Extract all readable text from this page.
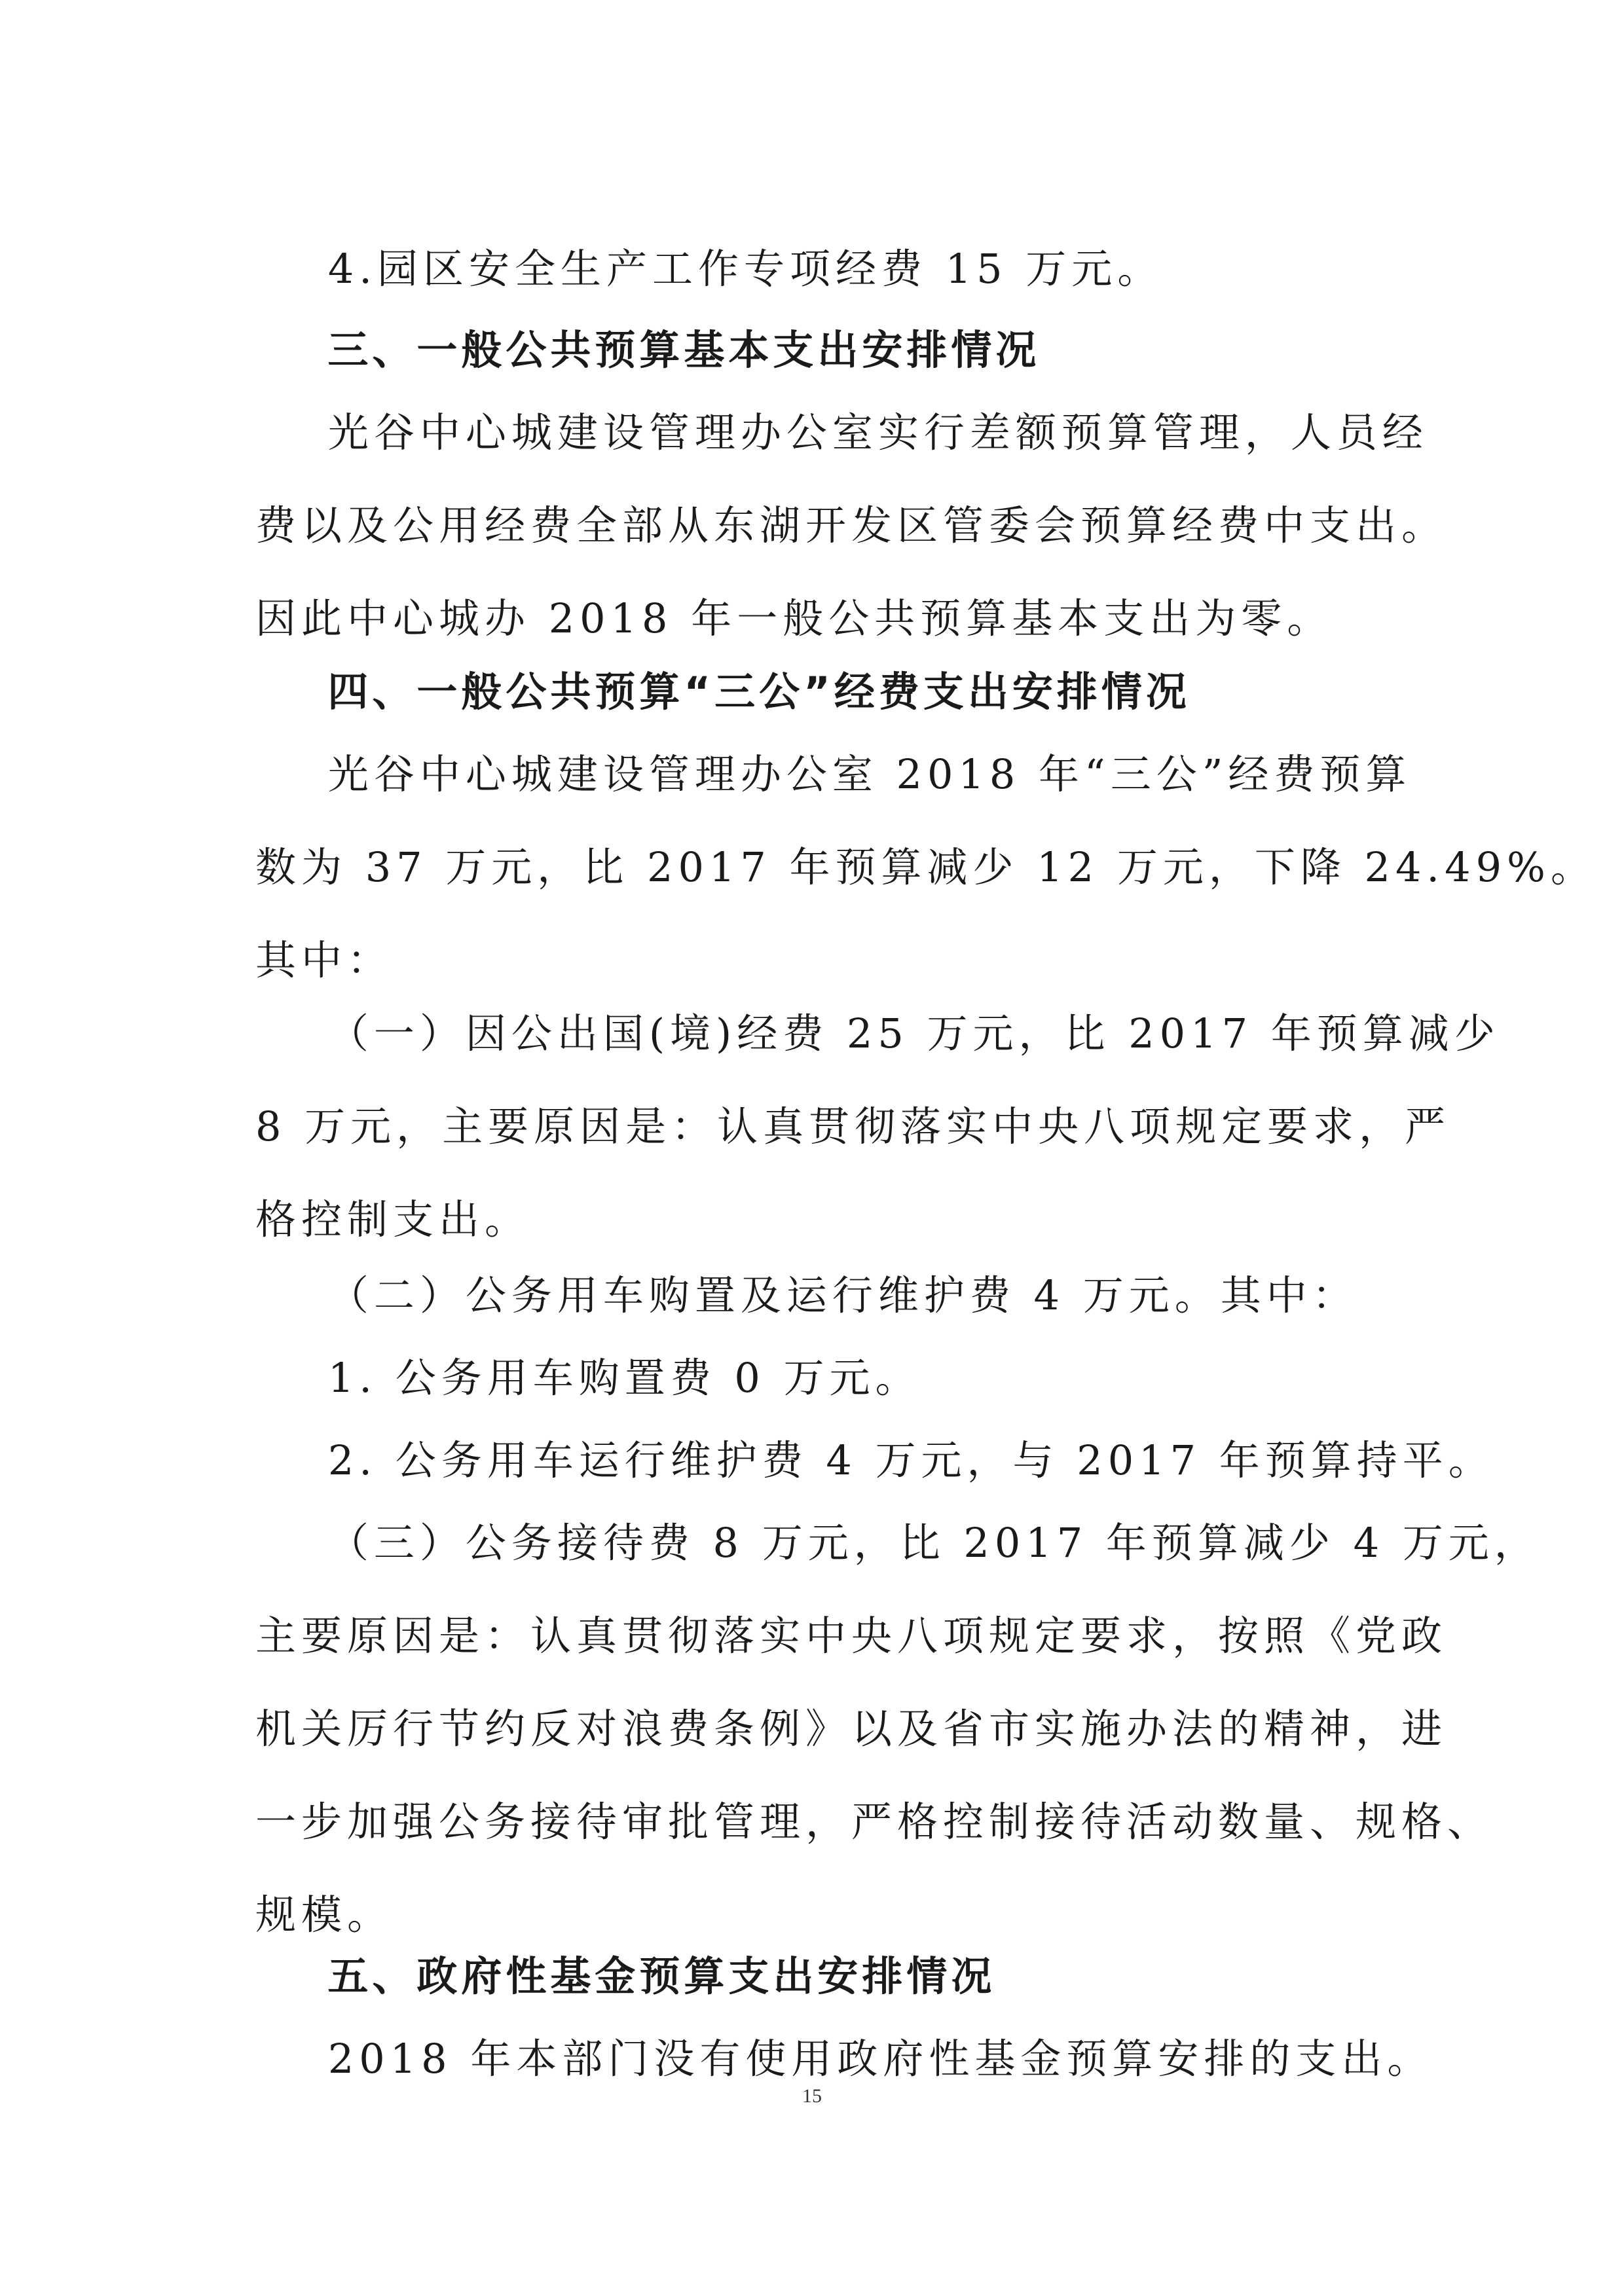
4.园区安全生产工作专项经费 15 万元。

三、一般公共预算基本支出安排情况

光谷中心城建设管理办公室实行差额预算管理，人员经
费以及公用经费全部从东湖开发区管委会预算经费中支出。
因此中心城办 2018 年一般公共预算基本支出为零。

四、一般公共预算“三公”经费支出安排情况

光谷中心城建设管理办公室 2018 年“三公”经费预算
数为 37 万元，比 2017 年预算减少 12 万元，下降 24.49%。
其中：

（一）因公出国(境)经费 25 万元，比 2017 年预算减少
8 万元，主要原因是：认真贯彻落实中央八项规定要求，严
格控制支出。

（二）公务用车购置及运行维护费 4 万元。其中：

1. 公务用车购置费 0 万元。

2. 公务用车运行维护费 4 万元，与 2017 年预算持平。

（三）公务接待费 8 万元，比 2017 年预算减少 4 万元，
主要原因是：认真贯彻落实中央八项规定要求，按照《党政
机关厉行节约反对浪费条例》以及省市实施办法的精神，进
一步加强公务接待审批管理，严格控制接待活动数量、规格、
规模。

五、政府性基金预算支出安排情况

2018 年本部门没有使用政府性基金预算安排的支出。

15
